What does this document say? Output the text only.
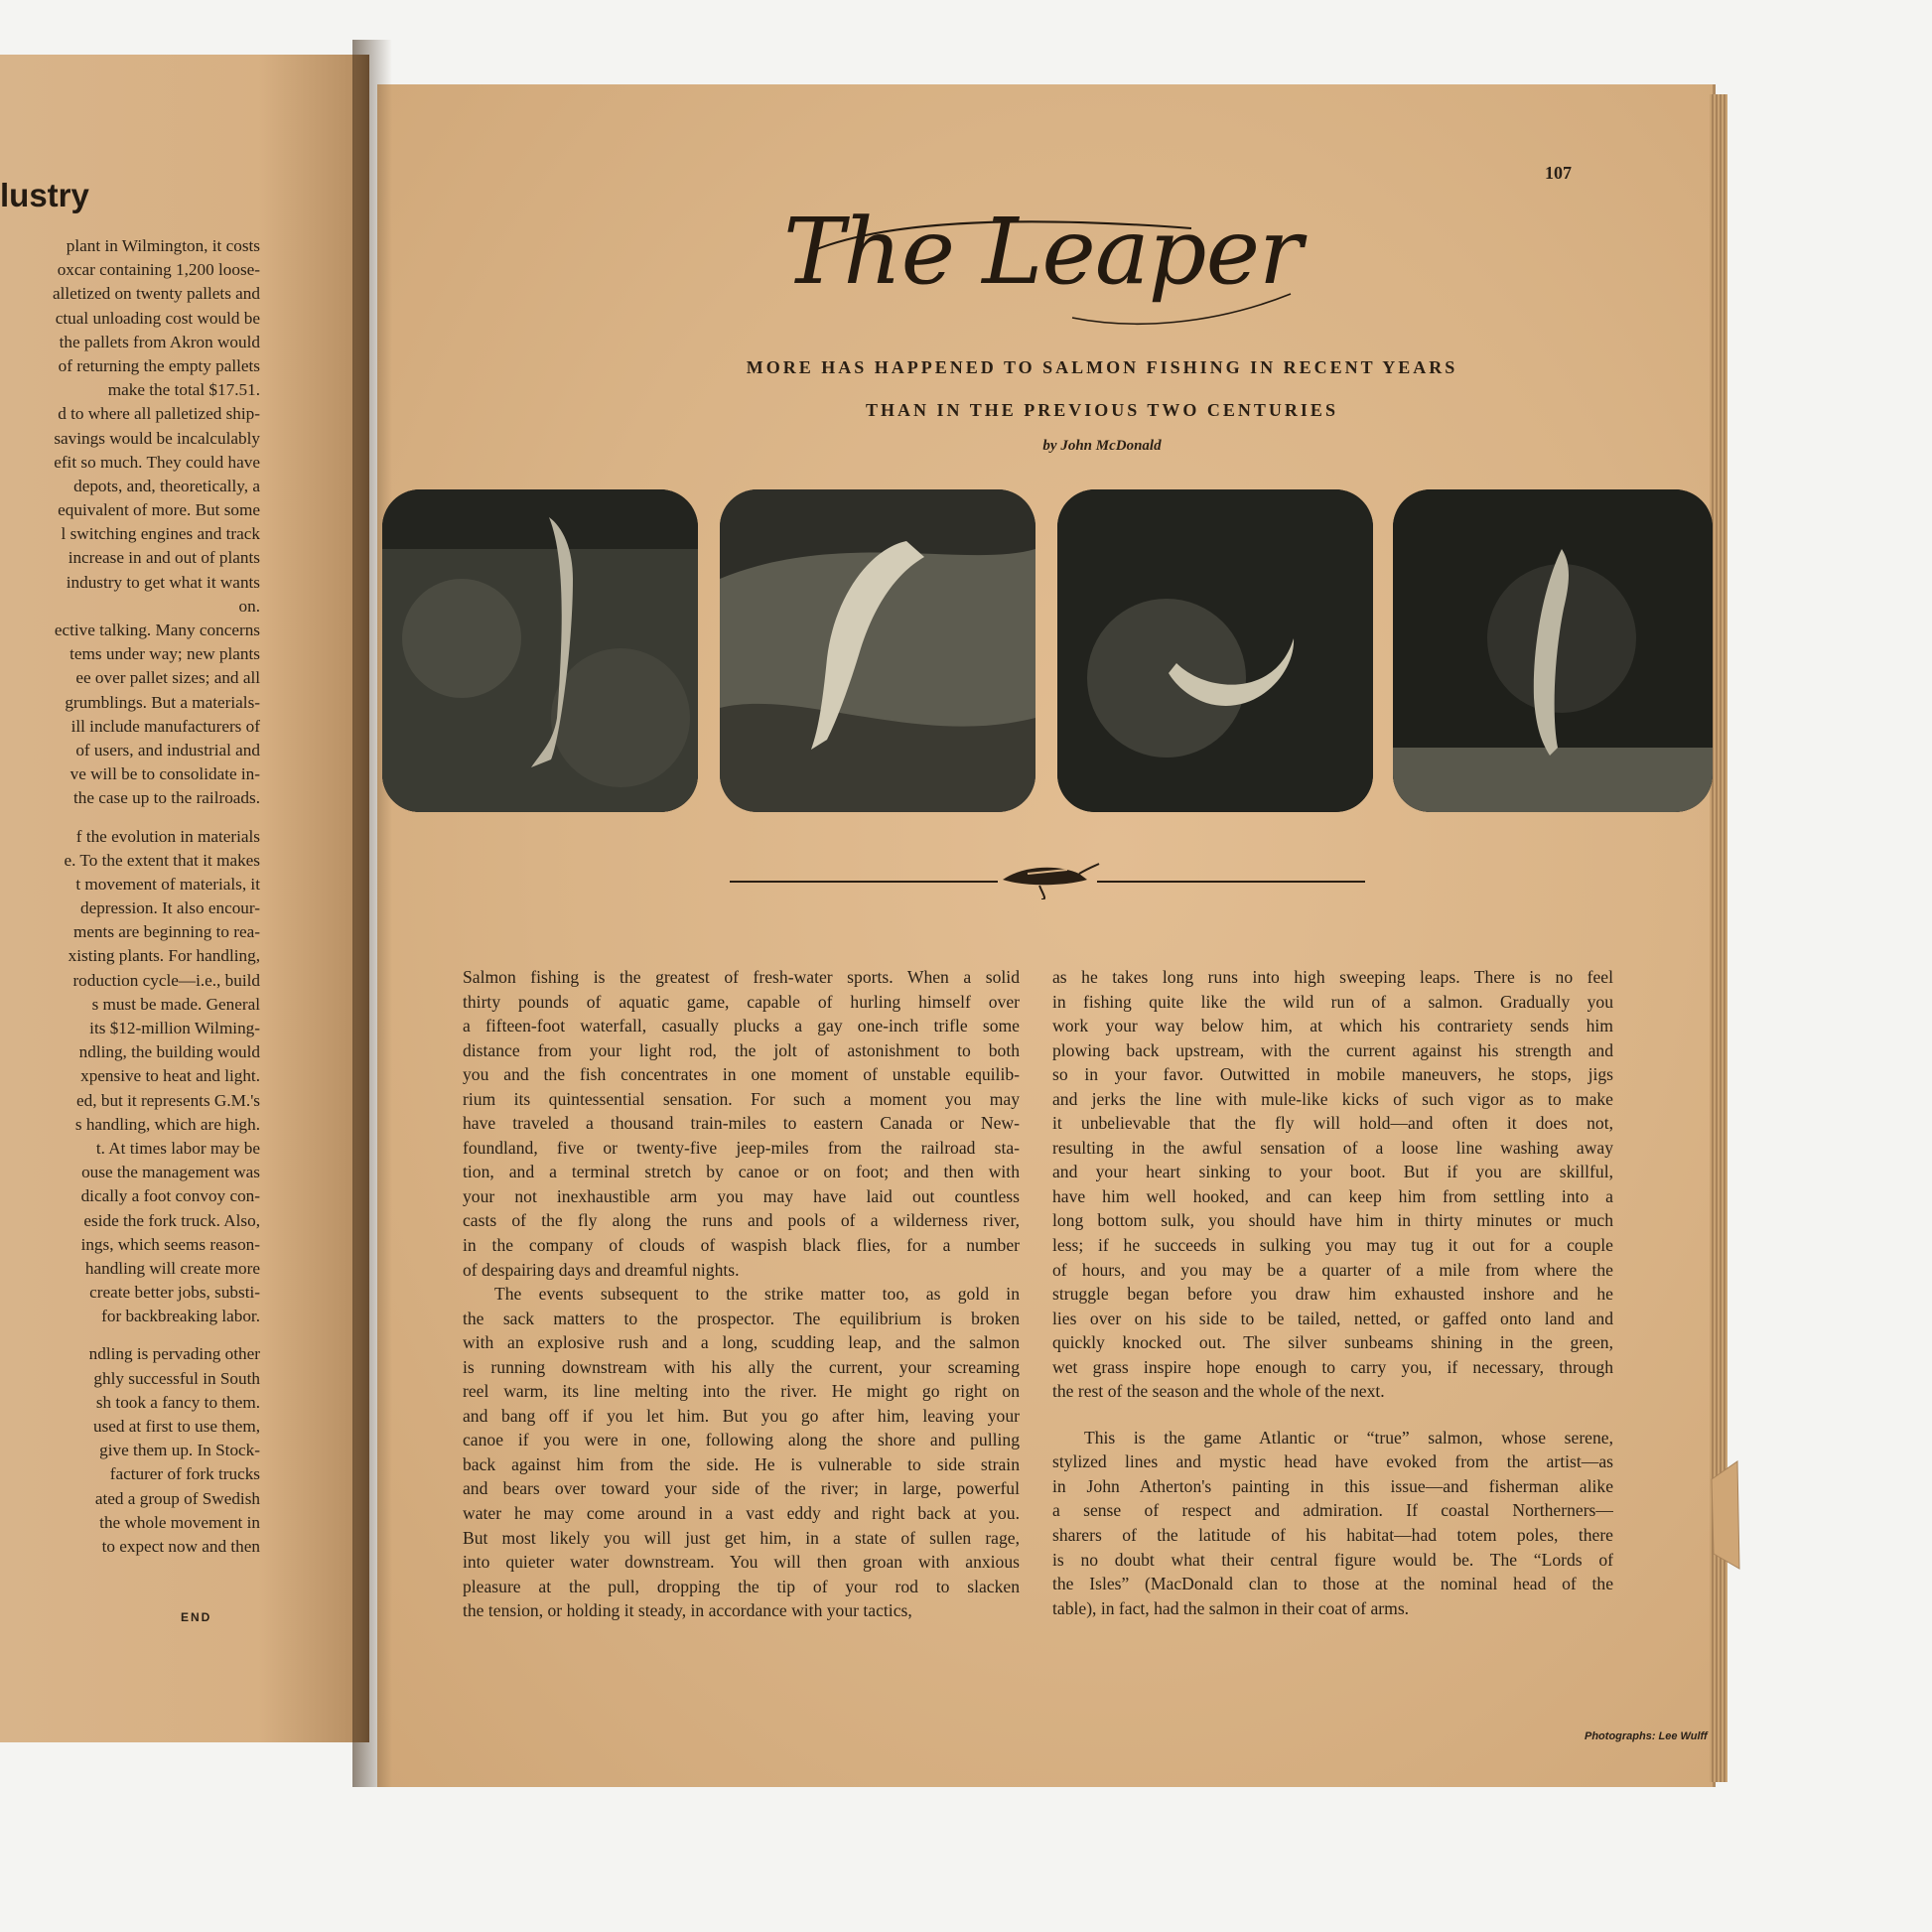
lustry
plant in Wilmington, it costs
oxcar containing 1,200 loose-
alletized on twenty pallets and
ctual unloading cost would be
the pallets from Akron would
of returning the empty pallets
make the total $17.51.
d to where all palletized ship-
savings would be incalculably
efit so much. They could have
depots, and, theoretically, a
equivalent of more. But some
l switching engines and track
increase in and out of plants
industry to get what it wants
on.
ective talking. Many concerns
tems under way; new plants
ee over pallet sizes; and all
grumblings. But a materials-
ill include manufacturers of
of users, and industrial and
ve will be to consolidate in-
the case up to the railroads.
f the evolution in materials
e. To the extent that it makes
t movement of materials, it
depression. It also encour-
ments are beginning to rea-
xisting plants. For handling,
roduction cycle—i.e., build
s must be made. General
its $12-million Wilming-
ndling, the building would
xpensive to heat and light.
ed, but it represents G.M.'s
s handling, which are high.
t. At times labor may be
ouse the management was
dically a foot convoy con-
eside the fork truck. Also,
ings, which seems reason-
handling will create more
create better jobs, substi-
for backbreaking labor.
ndling is pervading other
ghly successful in South
sh took a fancy to them.
used at first to use them,
give them up. In Stock-
facturer of fork trucks
ated a group of Swedish
the whole movement in
to expect now and then
END
107
The Leaper
MORE HAS HAPPENED TO SALMON FISHING IN RECENT YEARS
THAN IN THE PREVIOUS TWO CENTURIES
by John McDonald
Salmon fishing is the greatest of fresh-water sports. When a solid
thirty pounds of aquatic game, capable of hurling himself over
a fifteen-foot waterfall, casually plucks a gay one-inch trifle some
distance from your light rod, the jolt of astonishment to both
you and the fish concentrates in one moment of unstable equilib-
rium its quintessential sensation. For such a moment you may
have traveled a thousand train-miles to eastern Canada or New-
foundland, five or twenty-five jeep-miles from the railroad sta-
tion, and a terminal stretch by canoe or on foot; and then with
your not inexhaustible arm you may have laid out countless
casts of the fly along the runs and pools of a wilderness river,
in the company of clouds of waspish black flies, for a number
of despairing days and dreamful nights.
The events subsequent to the strike matter too, as gold in
the sack matters to the prospector. The equilibrium is broken
with an explosive rush and a long, scudding leap, and the salmon
is running downstream with his ally the current, your screaming
reel warm, its line melting into the river. He might go right on
and bang off if you let him. But you go after him, leaving your
canoe if you were in one, following along the shore and pulling
back against him from the side. He is vulnerable to side strain
and bears over toward your side of the river; in large, powerful
water he may come around in a vast eddy and right back at you.
But most likely you will just get him, in a state of sullen rage,
into quieter water downstream. You will then groan with anxious
pleasure at the pull, dropping the tip of your rod to slacken
the tension, or holding it steady, in accordance with your tactics,
as he takes long runs into high sweeping leaps. There is no feel
in fishing quite like the wild run of a salmon. Gradually you
work your way below him, at which his contrariety sends him
plowing back upstream, with the current against his strength and
so in your favor. Outwitted in mobile maneuvers, he stops, jigs
and jerks the line with mule-like kicks of such vigor as to make
it unbelievable that the fly will hold—and often it does not,
resulting in the awful sensation of a loose line washing away
and your heart sinking to your boot. But if you are skillful,
have him well hooked, and can keep him from settling into a
long bottom sulk, you should have him in thirty minutes or much
less; if he succeeds in sulking you may tug it out for a couple
of hours, and you may be a quarter of a mile from where the
struggle began before you draw him exhausted inshore and he
lies over on his side to be tailed, netted, or gaffed onto land and
quickly knocked out. The silver sunbeams shining in the green,
wet grass inspire hope enough to carry you, if necessary, through
the rest of the season and the whole of the next.
This is the game Atlantic or “true” salmon, whose serene,
stylized lines and mystic head have evoked from the artist—as
in John Atherton's painting in this issue—and fisherman alike
a sense of respect and admiration. If coastal Northerners—
sharers of the latitude of his habitat—had totem poles, there
is no doubt what their central figure would be. The “Lords of
the Isles” (MacDonald clan to those at the nominal head of the
table), in fact, had the salmon in their coat of arms.
Photographs: Lee Wulff
